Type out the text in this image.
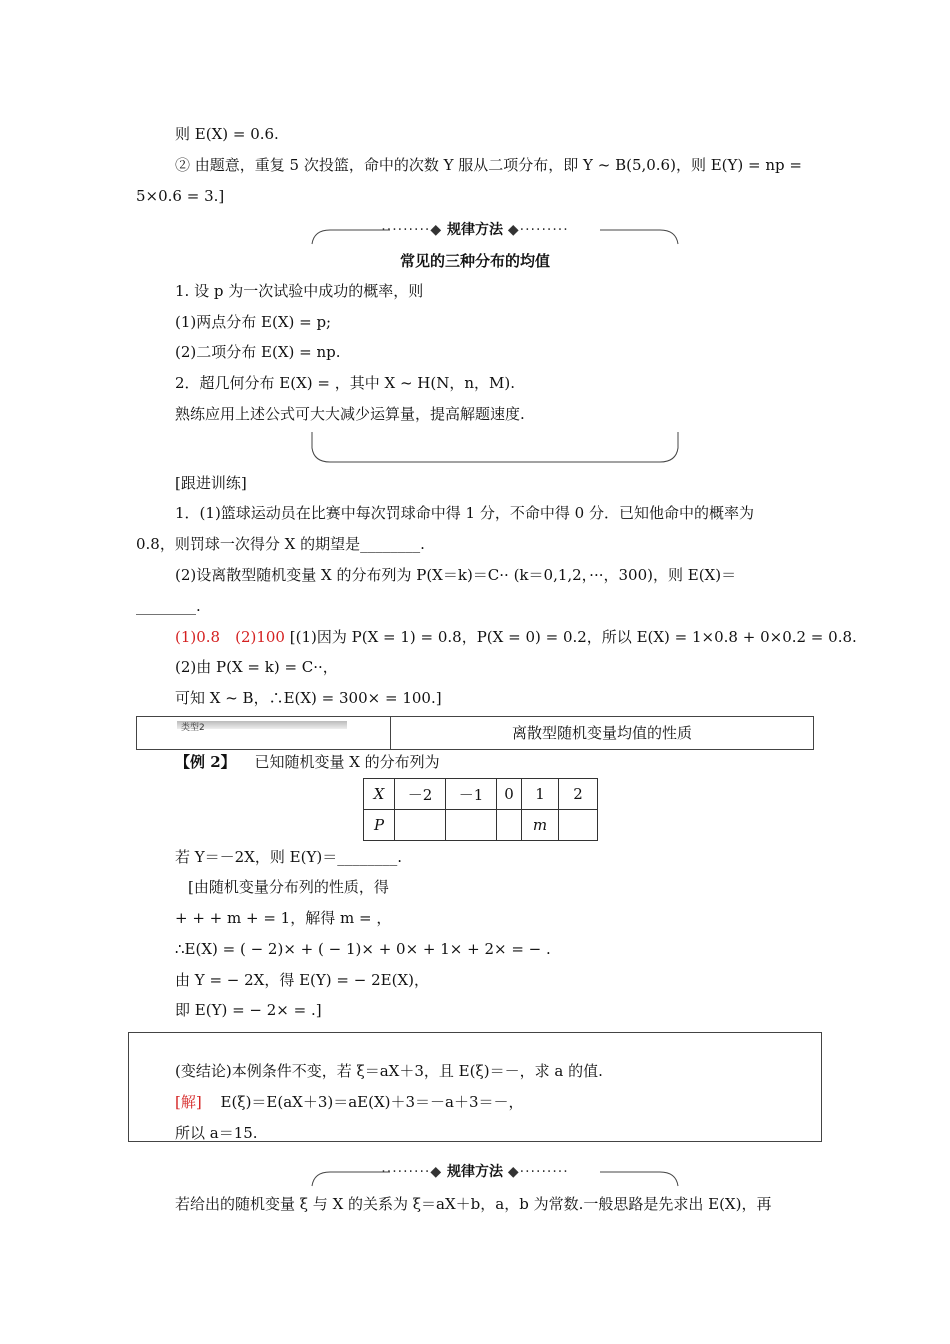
则 E(X) = 0.6.
② 由题意，重复 5 次投篮，命中的次数 Y 服从二项分布，即 Y ~ B(5,0.6)，则 E(Y) = np =
5×0.6 = 3.]
·········◆ 规律方法 ◆·········
常见的三种分布的均值
1. 设 p 为一次试验中成功的概率，则
(1)两点分布 E(X) = p;
(2)二项分布 E(X) = np.
2．超几何分布 E(X) = ，其中 X ~ H(N，n，M).
熟练应用上述公式可大大减少运算量，提高解题速度.
[跟进训练]
1．(1)篮球运动员在比赛中每次罚球命中得 1 分，不命中得 0 分．已知他命中的概率为
0.8，则罚球一次得分 X 的期望是________.
(2)设离散型随机变量 X 的分布列为 P(X＝k)＝C·· (k＝0,1,2，···，300)，则 E(X)＝
________.
(1)0.8　(2)100 [(1)因为 P(X = 1) = 0.8，P(X = 0) = 0.2，所以 E(X) = 1×0.8 + 0×0.2 = 0.8.
(2)由 P(X = k) = C··，
可知 X ~ B，∴E(X) = 300× = 100.]
类型2	离散型随机变量均值的性质
【例 2】 已知随机变量 X 的分布列为
X	－2	－1	0	1	2
P				m	
若 Y＝－2X，则 E(Y)＝________.
[由随机变量分布列的性质，得
+ + + m + = 1，解得 m = ，
∴E(X) = ( − 2)× + ( − 1)× + 0× + 1× + 2× = − .
由 Y = − 2X，得 E(Y) = − 2E(X)，
即 E(Y) = − 2× = .]
(变结论)本例条件不变，若 ξ＝aX＋3，且 E(ξ)＝－，求 a 的值.
[解] E(ξ)＝E(aX＋3)＝aE(X)＋3＝－a＋3＝－，
所以 a＝15.
·········◆ 规律方法 ◆·········
若给出的随机变量 ξ 与 X 的关系为 ξ＝aX＋b，a，b 为常数.一般思路是先求出 E(X)，再
